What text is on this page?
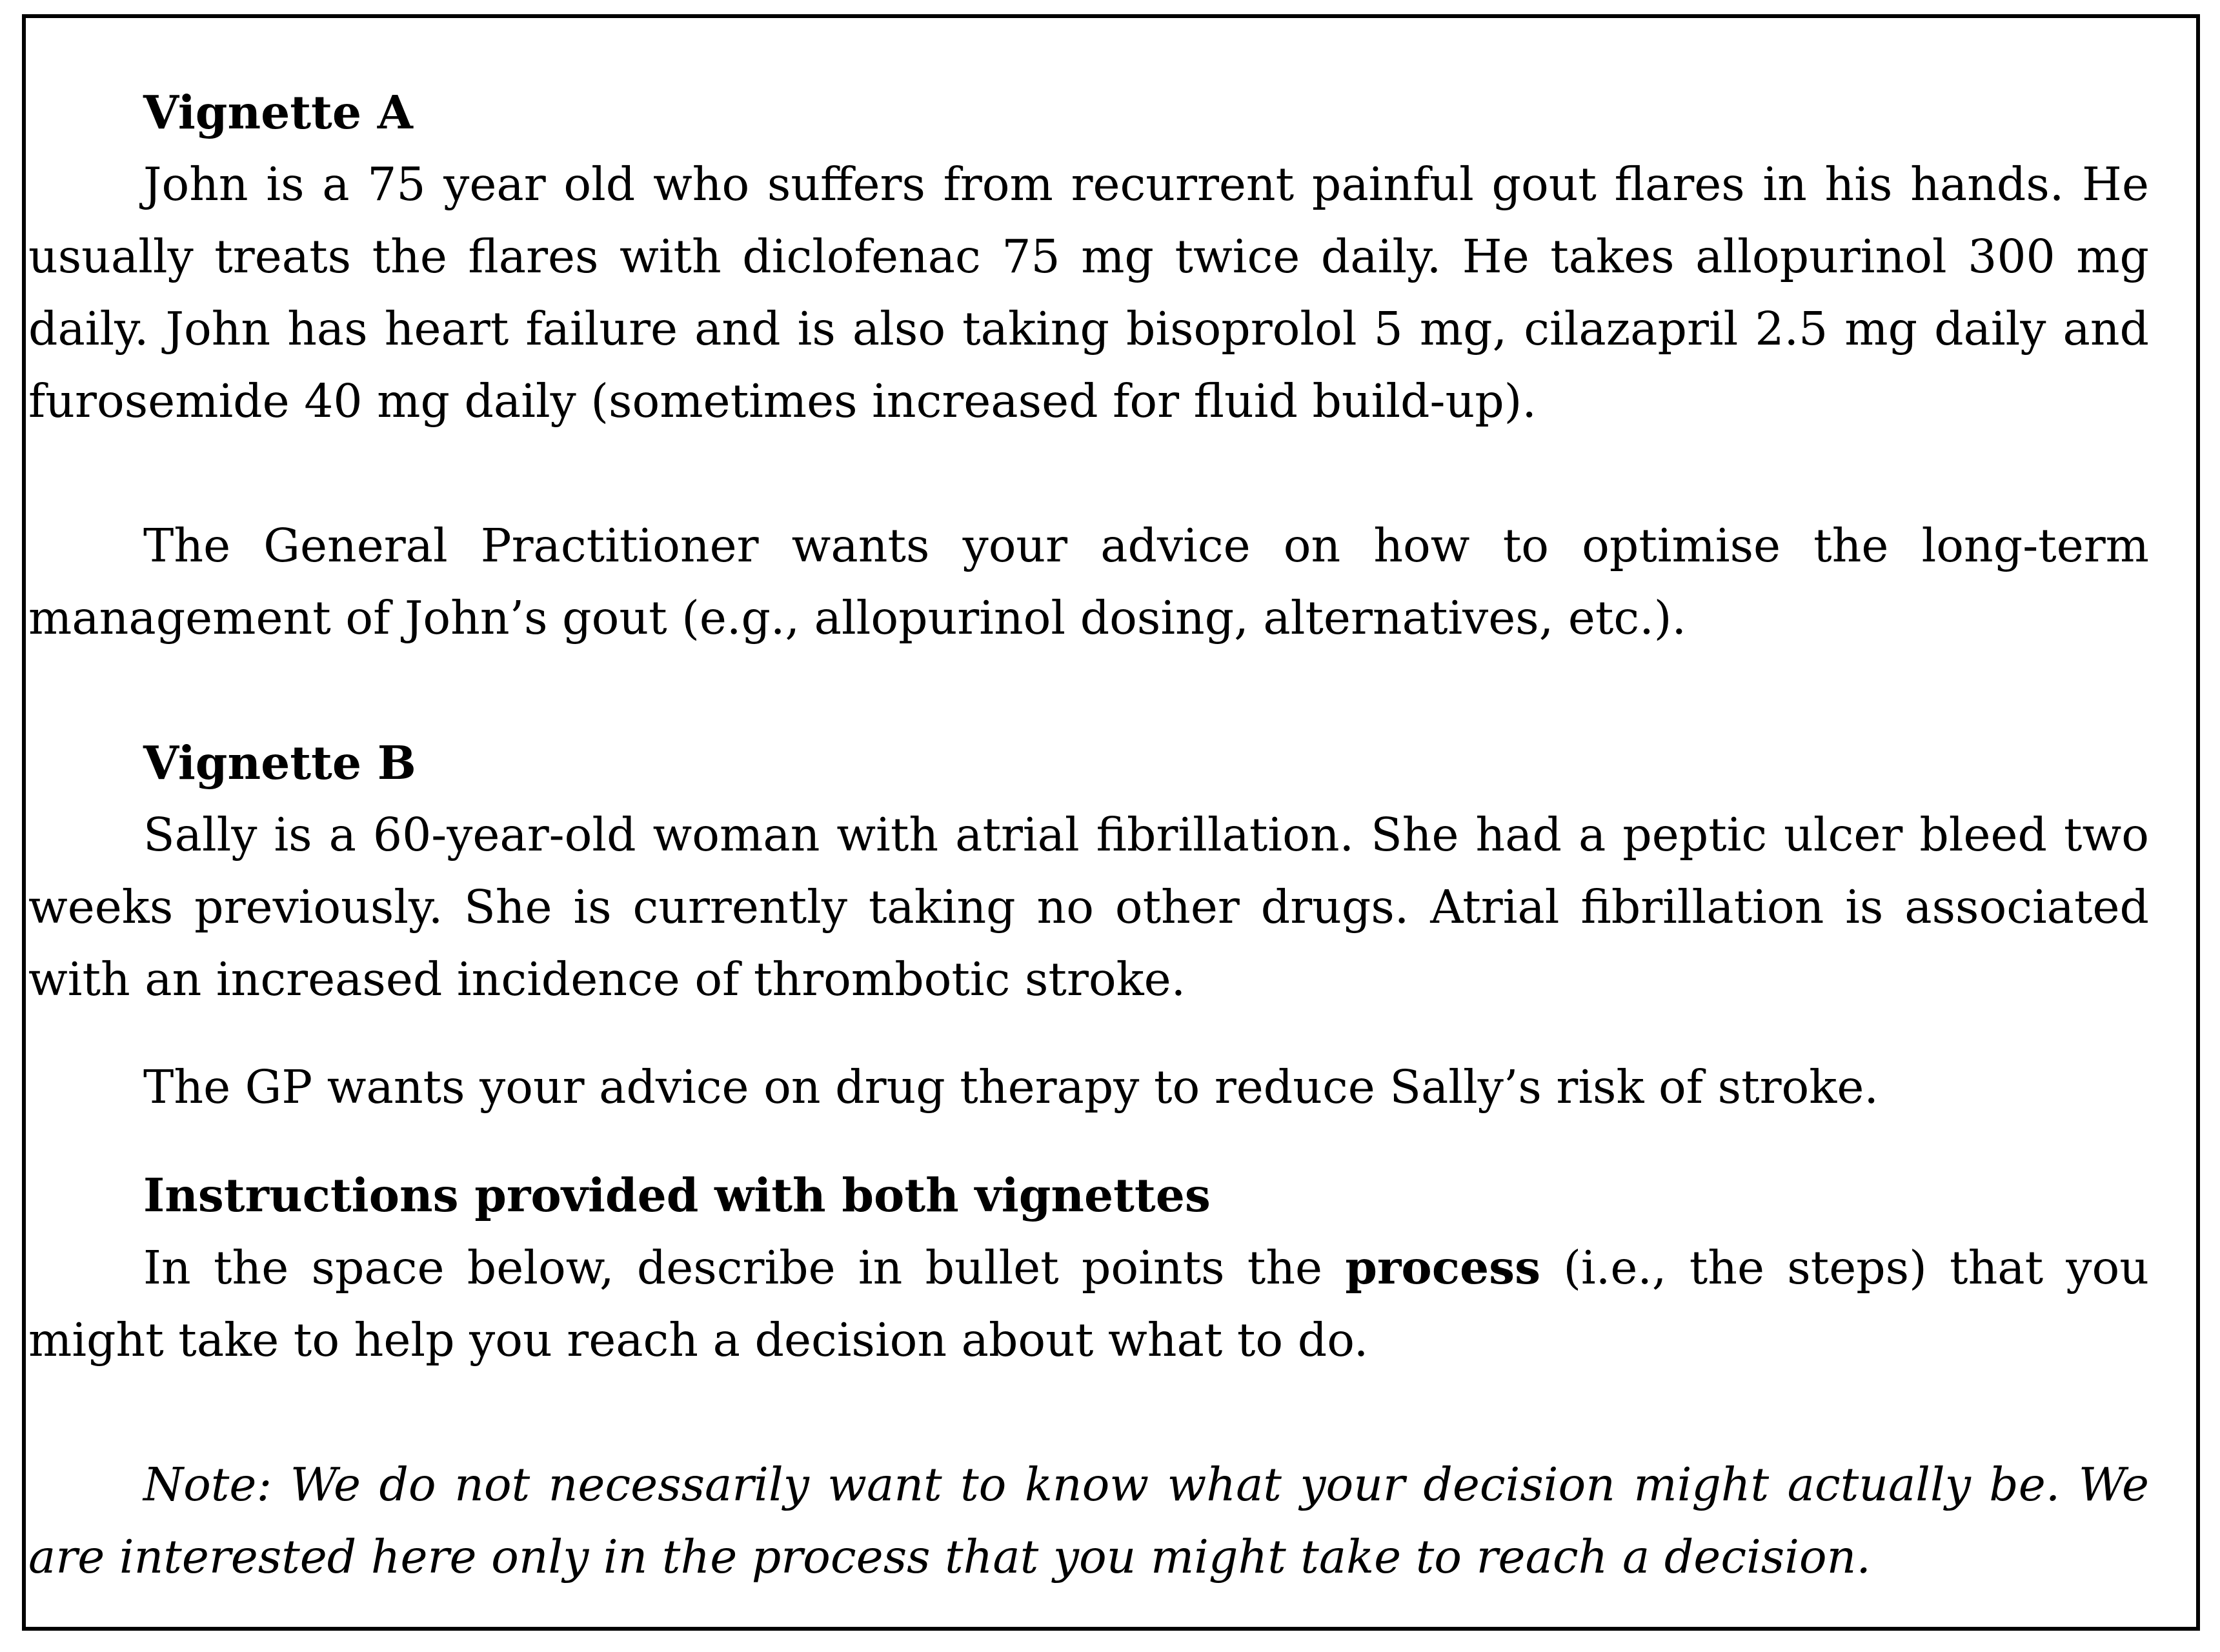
Vignette A

John is a 75 year old who suffers from recurrent painful gout flares in his hands. He usually treats the flares with diclofenac 75 mg twice daily. He takes allopurinol 300 mg daily. John has heart failure and is also taking bisoprolol 5 mg, cilazapril 2.5 mg daily and furosemide 40 mg daily (sometimes increased for fluid build-up).

The General Practitioner wants your advice on how to optimise the long-term management of John’s gout (e.g., allopurinol dosing, alternatives, etc.).

Vignette B

Sally is a 60-year-old woman with atrial fibrillation. She had a peptic ulcer bleed two weeks previously. She is currently taking no other drugs. Atrial fibrillation is associated with an increased incidence of thrombotic stroke.

The GP wants your advice on drug therapy to reduce Sally’s risk of stroke.

Instructions provided with both vignettes

In the space below, describe in bullet points the process (i.e., the steps) that you might take to help you reach a decision about what to do.

Note: We do not necessarily want to know what your decision might actually be. We are interested here only in the process that you might take to reach a decision.
